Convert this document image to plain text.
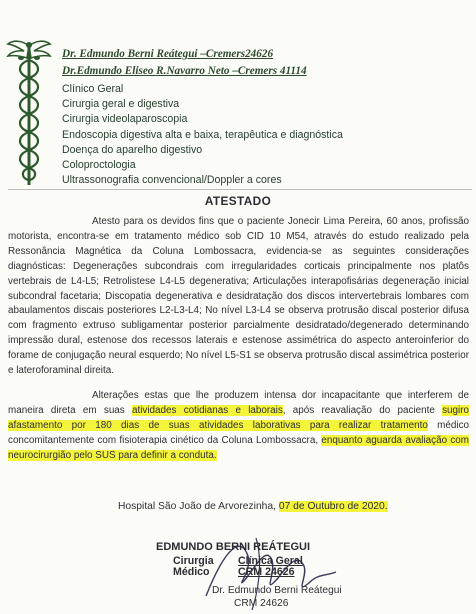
Dr. Edmundo Berni Reátegui –Cremers24626
Dr.Edmundo Eliseo R.Navarro Neto –Cremers 41114
Clínico Geral
Cirurgia geral e digestiva
Cirurgia videolaparoscopia
Endoscopia digestiva alta e baixa, terapêutica e diagnóstica
Doença do aparelho digestivo
Coloproctologia
Ultrassonografia convencional/Doppler a cores
ATESTADO

Atesto para os devidos fins que o paciente Jonecir Lima Pereira, 60 anos, profissão motorista, encontra-se em tratamento médico sob CID 10 M54, através do estudo realizado pela Ressonância Magnética da Coluna Lombossacra, evidencia-se as seguintes considerações diagnósticas: Degenerações subcondrais com irregularidades corticais principalmente nos platôs vertebrais de L4-L5; Retrolistese L4-L5 degenerativa; Articulações interapofisárias degeneração inicial subcondral facetaria; Discopatia degenerativa e desidratação dos discos intervertebrais lombares com abaulamentos discais posteriores L2-L3-L4; No nível L3-L4 se observa protrusão discal posterior difusa com fragmento extruso subligamentar posterior parcialmente desidratado/degenerado determinando impressão dural, estenose dos recessos laterais e estenose assimétrica do aspecto anteroinferior do forame de conjugação neural esquerdo; No nível L5-S1 se observa protrusão discal assimétrica posterior e lateroforaminal direita.

Alterações estas que lhe produzem intensa dor incapacitante que interferem de maneira direta em suas atividades cotidianas e laborais, após reavaliação do paciente sugiro afastamento por 180 dias de suas atividades laborativas para realizar tratamento médico concomitantemente com fisioterapia cinético da Coluna Lombossacra, enquanto aguarda avaliação com neurocirurgião pelo SUS para definir a conduta.

Hospital São João de Arvorezinha, 07 de Outubro de 2020.
EDMUNDO BERNI REÁTEGUI
Cirurgia
Médico
Clínica Geral
CRM 24626
Dr. Edmundo Berni Reátegui
CRM 24626
